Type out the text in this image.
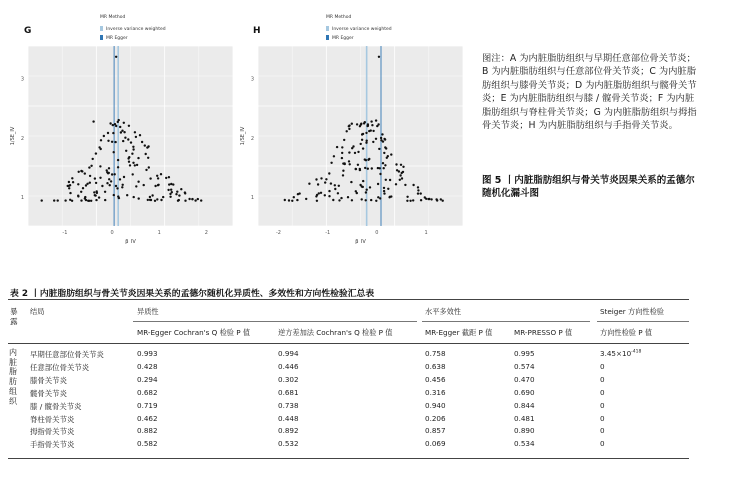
G
MR Method
Inverse variance weighted
MR Egger
3
2
1
-1	0	1	2
1/SE_IV
β_IV
H
MR Method
Inverse variance weighted
MR Egger
3
2
1
-2	-1	0	1
1/SE_IV
β_IV
图注：A 为内脏脂肪组织与早期任意部位骨关节炎；B 为内脏脂肪组织与任意部位骨关节炎；C 为内脏脂肪组织与膝骨关节炎；D 为内脏脂肪组织与髋骨关节炎；E 为内脏脂肪组织与膝 / 髋骨关节炎；F 为内脏脂肪组织与脊柱骨关节炎；G 为内脏脂肪组织与拇指骨关节炎；H 为内脏脂肪组织与手指骨关节炎。
图 5 丨内脏脂肪组织与骨关节炎因果关系的孟德尔随机化漏斗图
表 2 丨内脏脂肪组织与骨关节炎因果关系的孟德尔随机化异质性、多效性和方向性检验汇总表
暴露
结局	异质性	水平多效性	Steiger 方向性检验
MR-Egger Cochran's Q 检验 P 值	逆方差加法 Cochran's Q 检验 P 值	MR-Egger 截距 P 值	MR-PRESSO P 值	方向性检验 P 值
内脏脂肪组织
早期任意部位骨关节炎	0.993	0.994	0.758	0.995	$3.45\times 10^{-418}$
任意部位骨关节炎	0.428	0.446	0.638	0.574	0
膝骨关节炎	0.294	0.302	0.456	0.470	0
髋骨关节炎	0.682	0.681	0.316	0.690	0
膝 / 髋骨关节炎	0.719	0.738	0.940	0.844	0
脊柱骨关节炎	0.462	0.448	0.206	0.481	0
拇指骨关节炎	0.882	0.892	0.857	0.890	0
手指骨关节炎	0.582	0.532	0.069	0.534	0
